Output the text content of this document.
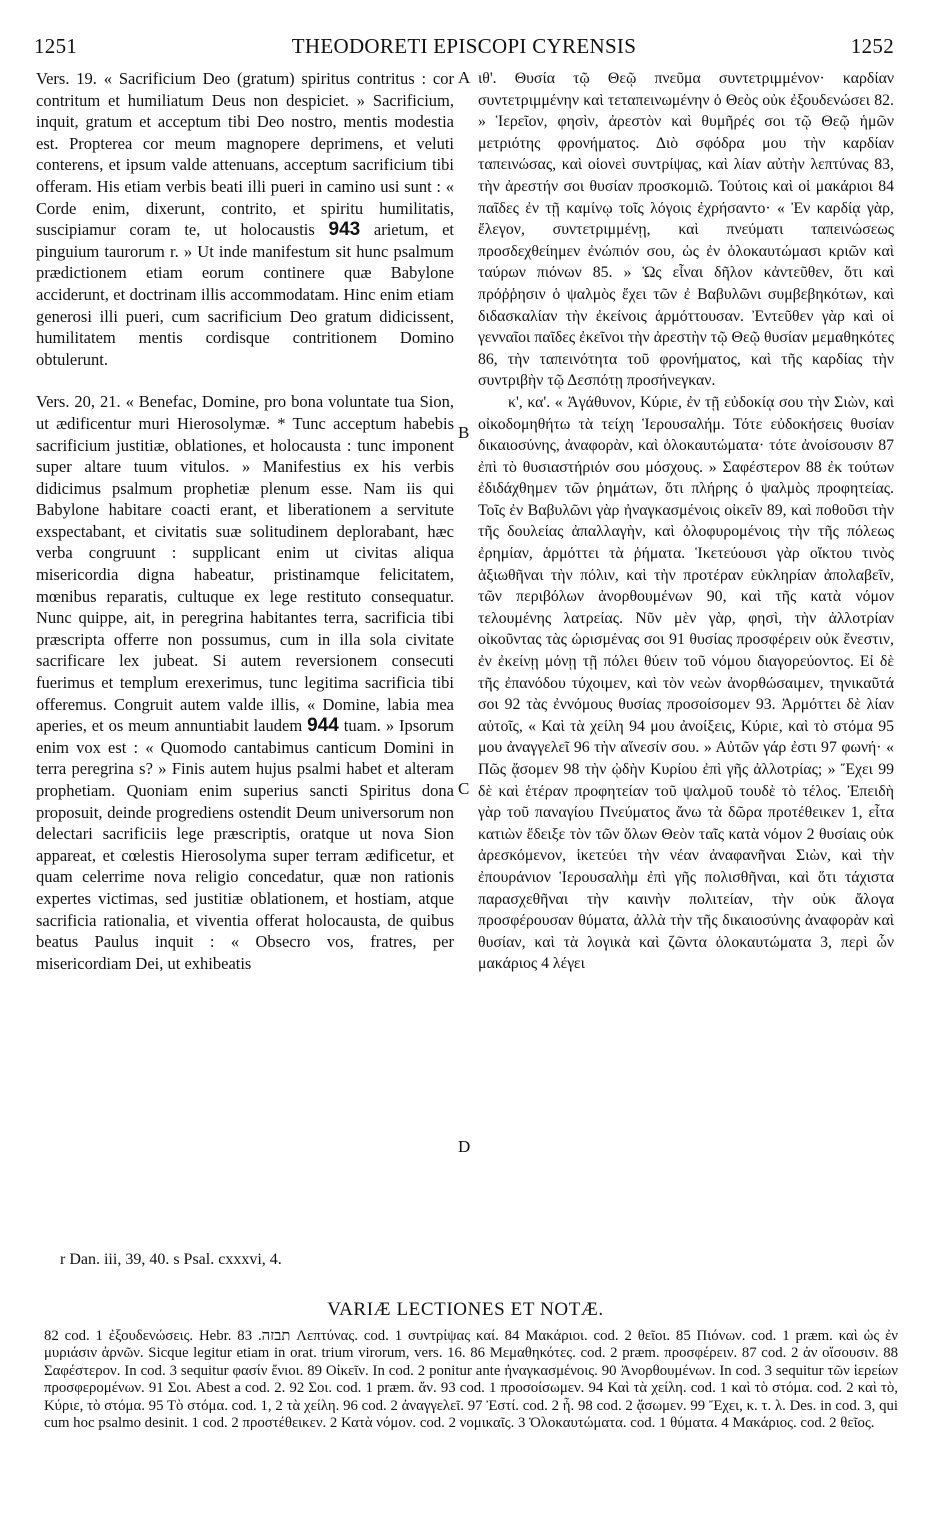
1251	THEODORETI EPISCOPI CYRENSIS	1252

Vers. 19. « Sacrificium Deo (gratum) spiritus contritus : cor contritum et humiliatum Deus non despiciet. » Sacrificium, inquit, gratum et acceptum tibi Deo nostro, mentis modestia est. Propterea cor meum magnopere deprimens, et veluti conterens, et ipsum valde attenuans, acceptum sacrificium tibi offeram. His etiam verbis beati illi pueri in camino usi sunt : « Corde enim, dixerunt, contrito, et spiritu humilitatis, suscipiamur coram te, ut holocaustis 943 arietum, et pinguium taurorum r. » Ut inde manifestum sit hunc psalmum prædictionem etiam eorum continere quæ Babylone acciderunt, et doctrinam illis accommodatam. Hinc enim etiam generosi illi pueri, cum sacrificium Deo gratum didicissent, humilitatem mentis cordisque contritionem Domino obtulerunt.

Vers. 20, 21. « Benefac, Domine, pro bona voluntate tua Sion, ut ædificentur muri Hierosolymæ. * Tunc acceptum habebis sacrificium justitiæ, oblationes, et holocausta : tunc imponent super altare tuum vitulos. » Manifestius ex his verbis didicimus psalmum prophetiæ plenum esse. Nam iis qui Babylone habitare coacti erant, et liberationem a servitute exspectabant, et civitatis suæ solitudinem deplorabant, hæc verba congruunt : supplicant enim ut civitas aliqua misericordia digna habeatur, pristinamque felicitatem, mœnibus reparatis, cultuque ex lege restituto consequatur. Nunc quippe, ait, in peregrina habitantes terra, sacrificia tibi præscripta offerre non possumus, cum in illa sola civitate sacrificare lex jubeat. Si autem reversionem consecuti fuerimus et templum erexerimus, tunc legitima sacrificia tibi offeremus. Congruit autem valde illis, « Domine, labia mea aperies, et os meum annuntiabit laudem 944 tuam. » Ipsorum enim vox est : « Quomodo cantabimus canticum Domini in terra peregrina s? » Finis autem hujus psalmi habet et alteram prophetiam. Quoniam enim superius sancti Spiritus dona proposuit, deinde progrediens ostendit Deum universorum non delectari sacrificiis lege præscriptis, oratque ut nova Sion appareat, et cœlestis Hierosolyma super terram ædificetur, et quam celerrime nova religio concedatur, quæ non rationis expertes victimas, sed justitiæ oblationem, et hostiam, atque sacrificia rationalia, et viventia offerat holocausta, de quibus beatus Paulus inquit : « Obsecro vos, fratres, per misericordiam Dei, ut exhibeatis

A
B
C
D

ιθ'. Θυσία τῷ Θεῷ πνεῦμα συντετριμμένον· καρδίαν συντετριμμένην καὶ τεταπεινωμένην ὁ Θεὸς οὐκ ἐξουδενώσει 82. » Ἱερεῖον, φησὶν, ἀρεστὸν καὶ θυμῆρές σοι τῷ Θεῷ ἡμῶν μετριότης φρονήματος. Διὸ σφόδρα μου τὴν καρδίαν ταπεινώσας, καὶ οἱονεὶ συντρίψας, καὶ λίαν αὐτὴν λεπτύνας 83, τὴν ἀρεστήν σοι θυσίαν προσκομιῶ. Τούτοις καὶ οἱ μακάριοι 84 παῖδες ἐν τῇ καμίνῳ τοῖς λόγοις ἐχρήσαντο· « Ἐν καρδίᾳ γὰρ, ἔλεγον, συντετριμμένῃ, καὶ πνεύματι ταπεινώσεως προσδεχθείημεν ἐνώπιόν σου, ὡς ἐν ὁλοκαυτώμασι κριῶν καὶ ταύρων πιόνων 85. » Ὡς εἶναι δῆλον κἀντεῦθεν, ὅτι καὶ πρόῤῥησιν ὁ ψαλμὸς ἔχει τῶν ἐ Βαβυλῶνι συμβεβηκότων, καὶ διδασκαλίαν τὴν ἐκείνοις ἁρμόττουσαν. Ἐντεῦθεν γὰρ καὶ οἱ γενναῖοι παῖδες ἐκεῖνοι τὴν ἀρεστὴν τῷ Θεῷ θυσίαν μεμαθηκότες 86, τὴν ταπεινότητα τοῦ φρονήματος, καὶ τῆς καρδίας τὴν συντριβὴν τῷ Δεσπότῃ προσήνεγκαν.

κ', κα'. « Ἀγάθυνον, Κύριε, ἐν τῇ εὐδοκίᾳ σου τὴν Σιὼν, καὶ οἰκοδομηθήτω τὰ τείχη Ἱερουσαλήμ. Τότε εὐδοκήσεις θυσίαν δικαιοσύνης, ἀναφορὰν, καὶ ὁλοκαυτώματα· τότε ἀνοίσουσιν 87 ἐπὶ τὸ θυσιαστήριόν σου μόσχους. » Σαφέστερον 88 ἐκ τούτων ἐδιδάχθημεν τῶν ῥημάτων, ὅτι πλήρης ὁ ψαλμὸς προφητείας. Τοῖς ἐν Βαβυλῶνι γὰρ ἠναγκασμένοις οἰκεῖν 89, καὶ ποθοῦσι τὴν τῆς δουλείας ἀπαλλαγὴν, καὶ ὀλοφυρομένοις τὴν τῆς πόλεως ἐρημίαν, ἁρμόττει τὰ ῥήματα. Ἱκετεύουσι γὰρ οἴκτου τινὸς ἀξιωθῆναι τὴν πόλιν, καὶ τὴν προτέραν εὐκληρίαν ἀπολαβεῖν, τῶν περιβόλων ἀνορθουμένων 90, καὶ τῆς κατὰ νόμον τελουμένης λατρείας. Νῦν μὲν γὰρ, φησὶ, τὴν ἀλλοτρίαν οἰκοῦντας τὰς ὡρισμένας σοι 91 θυσίας προσφέρειν οὐκ ἔνεστιν, ἐν ἐκείνῃ μόνῃ τῇ πόλει θύειν τοῦ νόμου διαγορεύοντος. Εἰ δὲ τῆς ἐπανόδου τύχοιμεν, καὶ τὸν νεὼν ἀνορθώσαιμεν, τηνικαῦτά σοι 92 τὰς ἐννόμους θυσίας προσοίσομεν 93. Ἁρμόττει δὲ λίαν αὐτοῖς, « Καὶ τὰ χείλη 94 μου ἀνοίξεις, Κύριε, καὶ τὸ στόμα 95 μου ἀναγγελεῖ 96 τὴν αἴνεσίν σου. » Αὐτῶν γάρ ἐστι 97 φωνή· « Πῶς ᾄσομεν 98 τὴν ᾠδὴν Κυρίου ἐπὶ γῆς ἀλλοτρίας; » Ἔχει 99 δὲ καὶ ἑτέραν προφητείαν τοῦ ψαλμοῦ τουδὲ τὸ τέλος. Ἐπειδὴ γὰρ τοῦ παναγίου Πνεύματος ἄνω τὰ δῶρα προτέθεικεν 1, εἶτα κατιὼν ἔδειξε τὸν τῶν ὅλων Θεὸν ταῖς κατὰ νόμον 2 θυσίαις οὐκ ἀρεσκόμενον, ἱκετεύει τὴν νέαν ἀναφανῆναι Σιὼν, καὶ τὴν ἐπουράνιον Ἱερουσαλὴμ ἐπὶ γῆς πολισθῆναι, καὶ ὅτι τάχιστα παρασχεθῆναι τὴν καινὴν πολιτείαν, τὴν οὐκ ἄλογα προσφέρουσαν θύματα, ἀλλὰ τὴν τῆς δικαιοσύνης ἀναφορὰν καὶ θυσίαν, καὶ τὰ λογικὰ καὶ ζῶντα ὁλοκαυτώματα 3, περὶ ὧν μακάριος 4 λέγει

r Dan. iii, 39, 40. s Psal. cxxxvi, 4.
VARIÆ LECTIONES ET NOTÆ.

82 cod. 1 ἐξουδενώσεις. Hebr. תבזה. 83 Λεπτύνας. cod. 1 συντρίψας καί. 84 Μακάριοι. cod. 2 θεῖοι. 85 Πιόνων. cod. 1 præm. καὶ ὡς ἐν μυριάσιν ἀρνῶν. Sicque legitur etiam in orat. trium virorum, vers. 16. 86 Μεμαθηκότες. cod. 2 præm. προσφέρειν. 87 cod. 2 ἀν οἴσουσιν. 88 Σαφέστερον. In cod. 3 sequitur φασίν ἔνιοι. 89 Οἰκεῖν. In cod. 2 ponitur ante ἠναγκασμένοις. 90 Ἀνορθουμένων. In cod. 3 sequitur τῶν ἱερείων προσφερομένων. 91 Σοι. Abest a cod. 2. 92 Σοι. cod. 1 præm. ἄν. 93 cod. 1 προσοίσωμεν. 94 Καὶ τὰ χείλη. cod. 1 καὶ τὸ στόμα. cod. 2 καὶ τὸ, Κύριε, τὸ στόμα. 95 Τὸ στόμα. cod. 1, 2 τὰ χείλη. 96 cod. 2 ἀναγγελεῖ. 97 Ἐστί. cod. 2 ἦ. 98 cod. 2 ᾄσωμεν. 99 Ἔχει, κ. τ. λ. Des. in cod. 3, qui cum hoc psalmo desinit. 1 cod. 2 προστέθεικεν. 2 Κατὰ νόμον. cod. 2 νομικαῖς. 3 Ὁλοκαυτώματα. cod. 1 θύματα. 4 Μακάριος. cod. 2 θεῖος.
